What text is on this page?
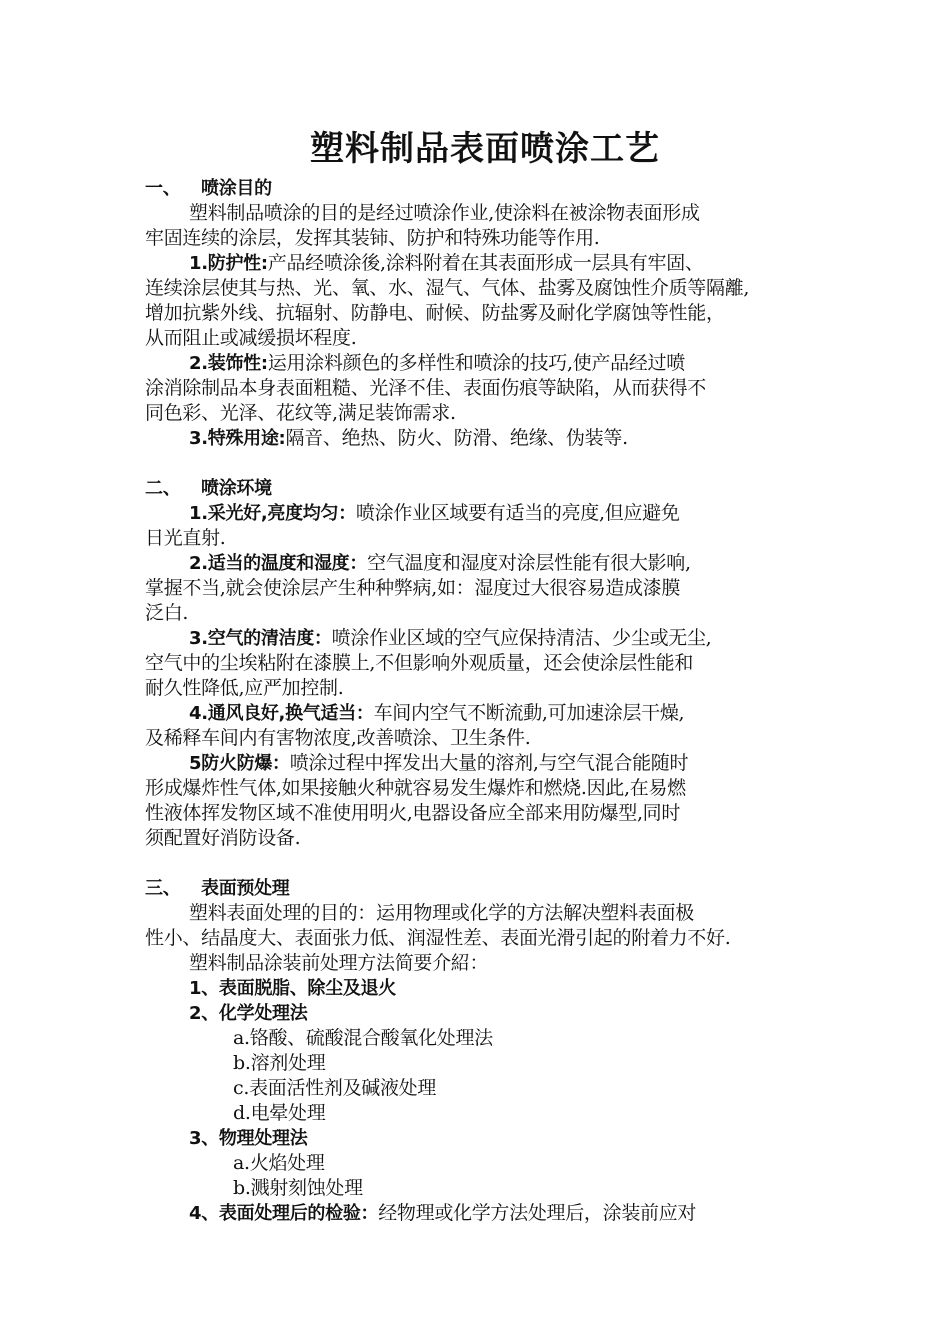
塑料制品表面喷涂工艺
一、 喷涂目的
塑料制品喷涂的目的是经过喷涂作业,使涂料在被涂物表面形成
牢固连续的涂层，发挥其装铈、防护和特殊功能等作用.
1.防护性:产品经喷涂後,涂料附着在其表面形成一层具有牢固、
连续涂层使其与热、光、氧、水、湿气、气体、盐雾及腐蚀性介质等隔離,
增加抗紫外线、抗辐射、防静电、耐候、防盐雾及耐化学腐蚀等性能，
从而阻止或减缓损坏程度.
2.装饰性:运用涂料颜色的多样性和喷涂的技巧,使产品经过喷
涂消除制品本身表面粗糙、光泽不佳、表面伤痕等缺陷，从而获得不
同色彩、光泽、花纹等,满足装饰需求.
3.特殊用途:隔音、绝热、防火、防滑、绝缘、伪装等.
二、 喷涂环境
1.采光好,亮度均匀：喷涂作业区域要有适当的亮度,但应避免
日光直射.
2.适当的温度和湿度：空气温度和湿度对涂层性能有很大影响,
掌握不当,就会使涂层产生种种弊病,如：湿度过大很容易造成漆膜
泛白.
3.空气的清洁度：喷涂作业区域的空气应保持清洁、少尘或无尘,
空气中的尘埃粘附在漆膜上,不但影响外观质量，还会使涂层性能和
耐久性降低,应严加控制.
4.通风良好,换气适当：车间内空气不断流動,可加速涂层干燥,
及稀释车间内有害物浓度,改善喷涂、卫生条件.
5防火防爆：喷涂过程中挥发出大量的溶剂,与空气混合能随时
形成爆炸性气体,如果接触火种就容易发生爆炸和燃烧.因此,在易燃
性液体挥发物区域不准使用明火,电器设备应全部来用防爆型,同时
须配置好消防设备.
三、 表面预处理
塑料表面处理的目的：运用物理或化学的方法解决塑料表面极
性小、结晶度大、表面张力低、润湿性差、表面光滑引起的附着力不好.
塑料制品涂装前处理方法简要介紹：
1、表面脱脂、除尘及退火
2、化学处理法
a.铬酸、硫酸混合酸氧化处理法
b.溶剂处理
c.表面活性剂及碱液处理
d.电晕处理
3、物理处理法
a.火焰处理
b.溅射刻蚀处理
4、表面处理后的检验：经物理或化学方法处理后，涂装前应对
